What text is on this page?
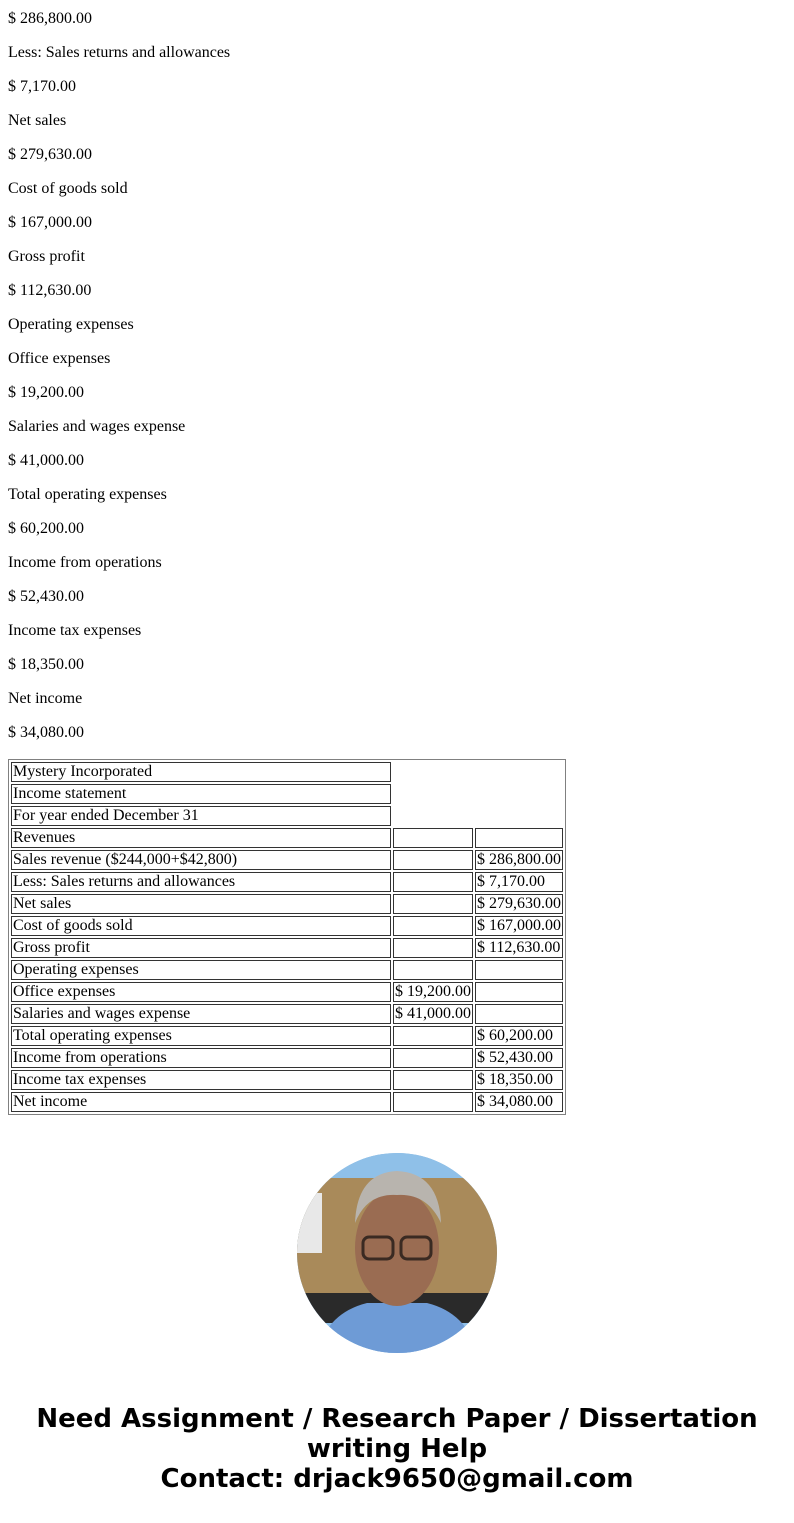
$ 286,800.00

Less: Sales returns and allowances

$ 7,170.00

Net sales

$ 279,630.00

Cost of goods sold

$ 167,000.00

Gross profit

$ 112,630.00

Operating expenses

Office expenses

$ 19,200.00

Salaries and wages expense

$ 41,000.00

Total operating expenses

$ 60,200.00

Income from operations

$ 52,430.00

Income tax expenses

$ 18,350.00

Net income

$ 34,080.00

Mystery Incorporated		
Income statement		
For year ended December 31		
Revenues		
Sales revenue ($244,000+$42,800)		$ 286,800.00
Less: Sales returns and allowances		$ 7,170.00
Net sales		$ 279,630.00
Cost of goods sold		$ 167,000.00
Gross profit		$ 112,630.00
Operating expenses		
Office expenses	$ 19,200.00	
Salaries and wages expense	$ 41,000.00	
Total operating expenses		$ 60,200.00
Income from operations		$ 52,430.00
Income tax expenses		$ 18,350.00
Net income		$ 34,080.00
Need Assignment / Research Paper / Dissertation
writing Help
Contact: drjack9650@gmail.com
